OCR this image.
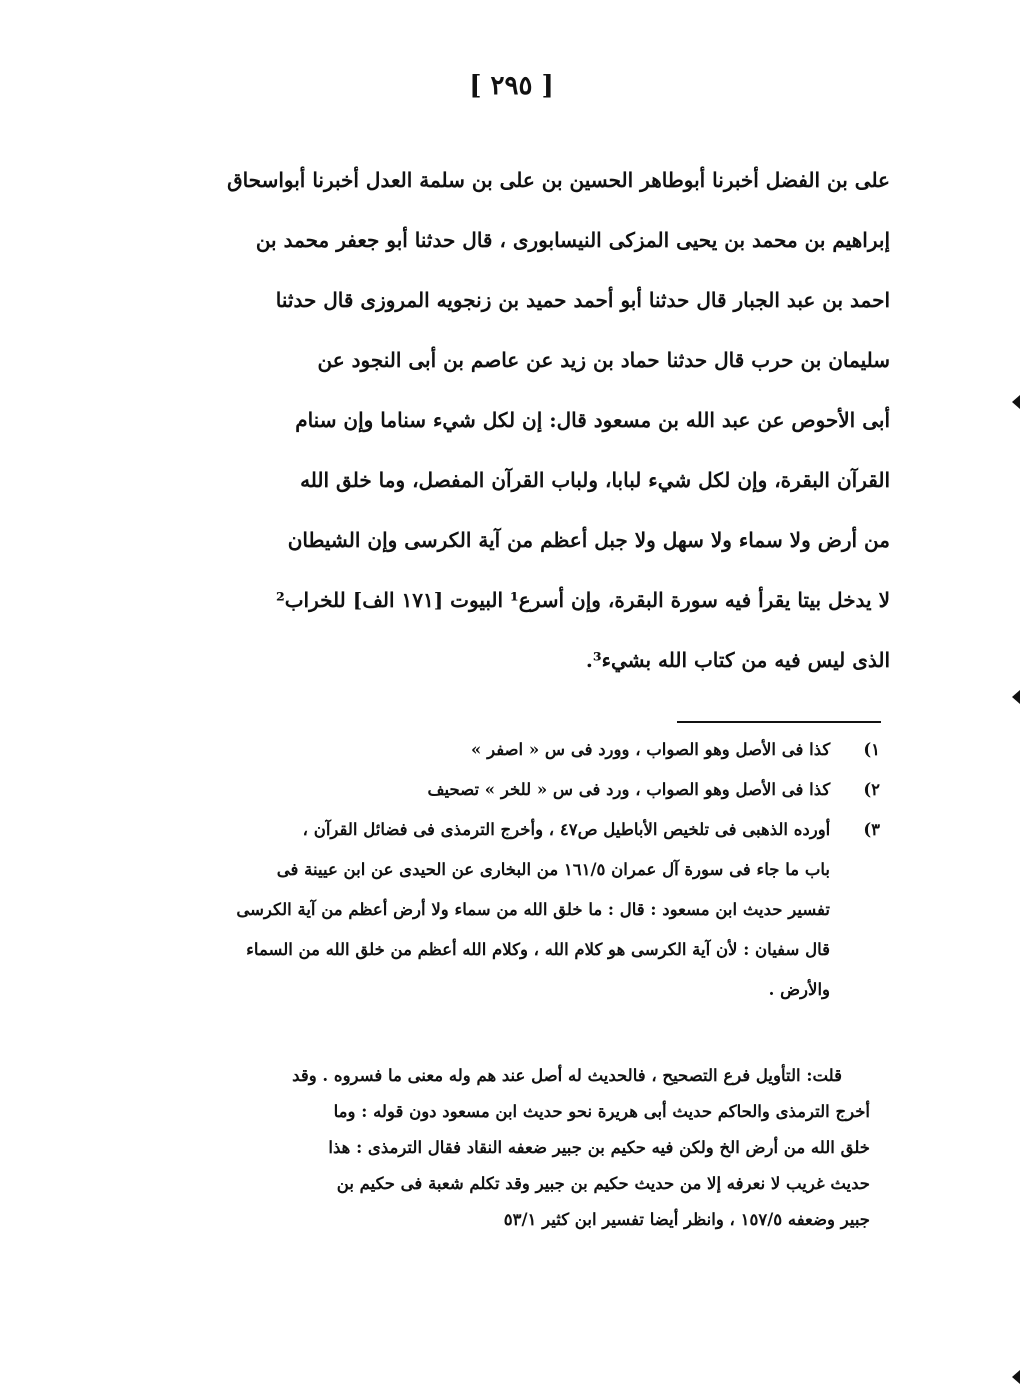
[ ٢٩٥ ]
على بن الفضل أخبرنا أبوطاهر الحسين بن على بن سلمة العدل أخبرنا أبواسحاق
إبراهيم بن محمد بن يحيى المزكى النيسابورى ، قال حدثنا أبو جعفر محمد بن
احمد بن عبد الجبار قال حدثنا أبو أحمد حميد بن زنجويه المروزى قال حدثنا
سليمان بن حرب قال حدثنا حماد بن زيد عن عاصم بن أبى النجود عن
أبى الأحوص عن عبد الله بن مسعود قال: إن لكل شيء سناما وإن سنام
القرآن البقرة، وإن لكل شيء لبابا، ولباب القرآن المفصل، وما خلق الله
من أرض ولا سماء ولا سهل ولا جبل أعظم من آية الكرسى وإن الشيطان
لا يدخل بيتا يقرأ فيه سورة البقرة، وإن أسرع¹ البيوت [١٧١ الف] للخراب²
الذى ليس فيه من كتاب الله بشيء³.
١) كذا فى الأصل وهو الصواب ، وورد فى س « اصفر »
٢) كذا فى الأصل وهو الصواب ، ورد فى س « للخر » تصحيف
٣) أورده الذهبى فى تلخيص الأباطيل ص٤٧ ، وأخرج الترمذى فى فضائل القرآن ،
باب ما جاء فى سورة آل عمران ١٦١/٥ من البخارى عن الحيدى عن ابن عيينة فى
تفسير حديث ابن مسعود : قال : ما خلق الله من سماء ولا أرض أعظم من آية الكرسى
قال سفيان : لأن آية الكرسى هو كلام الله ، وكلام الله أعظم من خلق الله من السماء
والأرض .
قلت: التأويل فرع التصحيح ، فالحديث له أصل عند هم وله معنى ما فسروه . وقد
أخرج الترمذى والحاكم حديث أبى هريرة نحو حديث ابن مسعود دون قوله : وما
خلق الله من أرض الخ ولكن فيه حكيم بن جبير ضعفه النقاد فقال الترمذى : هذا
حديث غريب لا نعرفه إلا من حديث حكيم بن جبير وقد تكلم شعبة فى حكيم بن
جبير وضعفه ١٥٧/٥ ، وانظر أيضا تفسير ابن كثير ٥٣/١
